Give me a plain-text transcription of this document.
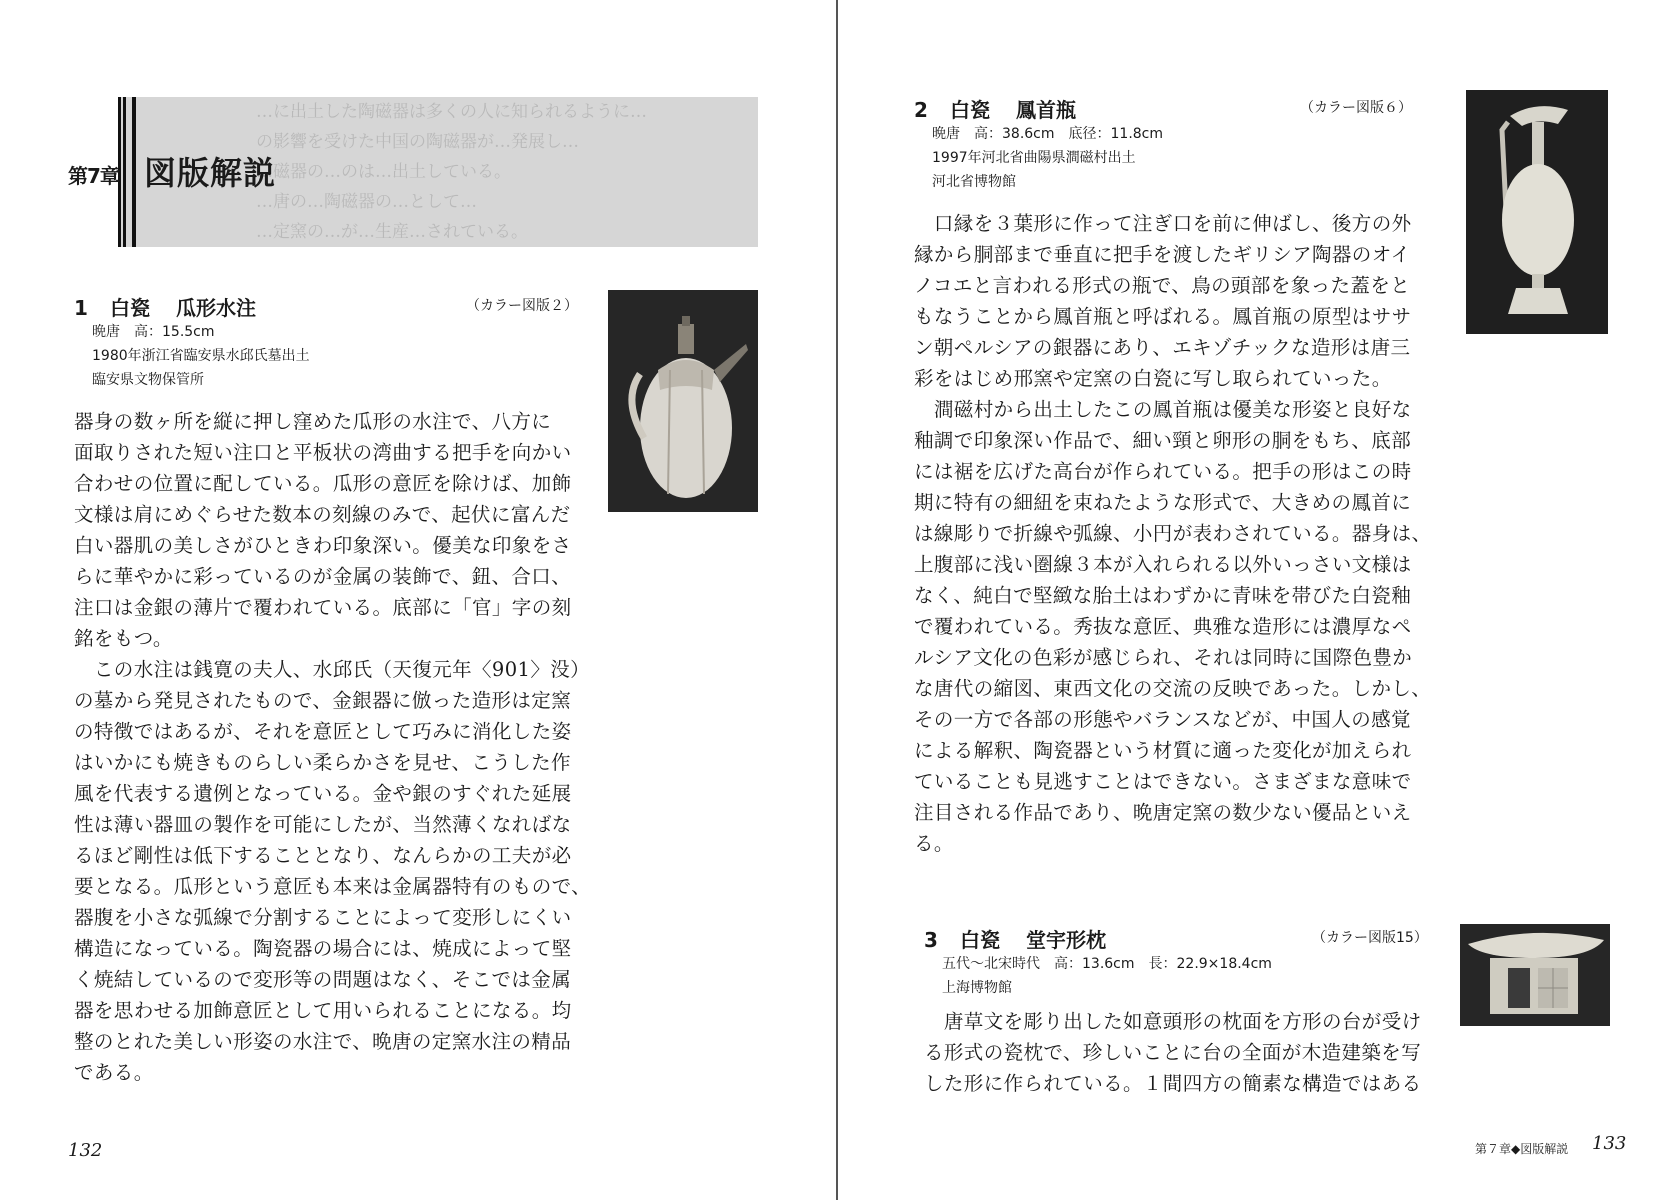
…に出土した陶磁器は多くの人に知られるように…
の影響を受けた中国の陶磁器が…発展し…
…磁器の…のは…出土している。
…唐の…陶磁器の…として…
…定窯の…が…生産…されている。
第7章 図版解説
1 白瓷 瓜形水注	（カラー図版２）
晩唐　高：15.5cm
1980年浙江省臨安県水邱氏墓出土
臨安県文物保管所
器身の数ヶ所を縦に押し窪めた瓜形の水注で、八方に
面取りされた短い注口と平板状の湾曲する把手を向かい
合わせの位置に配している。瓜形の意匠を除けば、加飾
文様は肩にめぐらせた数本の刻線のみで、起伏に富んだ
白い器肌の美しさがひときわ印象深い。優美な印象をさ
らに華やかに彩っているのが金属の装飾で、鈕、合口、
注口は金銀の薄片で覆われている。底部に「官」字の刻
銘をもつ。
　この水注は銭寛の夫人、水邱氏（天復元年〈901〉没）
の墓から発見されたもので、金銀器に倣った造形は定窯
の特徴ではあるが、それを意匠として巧みに消化した姿
はいかにも焼きものらしい柔らかさを見せ、こうした作
風を代表する遺例となっている。金や銀のすぐれた延展
性は薄い器皿の製作を可能にしたが、当然薄くなればな
るほど剛性は低下することとなり、なんらかの工夫が必
要となる。瓜形という意匠も本来は金属器特有のもので、
器腹を小さな弧線で分割することによって変形しにくい
構造になっている。陶瓷器の場合には、焼成によって堅
く焼結しているので変形等の問題はなく、そこでは金属
器を思わせる加飾意匠として用いられることになる。均
整のとれた美しい形姿の水注で、晩唐の定窯水注の精品
である。
132
2 白瓷 鳳首瓶	（カラー図版６）
晩唐　高：38.6cm　底径：11.8cm
1997年河北省曲陽県澗磁村出土
河北省博物館
　口縁を３葉形に作って注ぎ口を前に伸ばし、後方の外
縁から胴部まで垂直に把手を渡したギリシア陶器のオイ
ノコエと言われる形式の瓶で、鳥の頭部を象った蓋をと
もなうことから鳳首瓶と呼ばれる。鳳首瓶の原型はササ
ン朝ペルシアの銀器にあり、エキゾチックな造形は唐三
彩をはじめ邢窯や定窯の白瓷に写し取られていった。
　澗磁村から出土したこの鳳首瓶は優美な形姿と良好な
釉調で印象深い作品で、細い頸と卵形の胴をもち、底部
には裾を広げた高台が作られている。把手の形はこの時
期に特有の細紐を束ねたような形式で、大きめの鳳首に
は線彫りで折線や弧線、小円が表わされている。器身は、
上腹部に浅い圏線３本が入れられる以外いっさい文様は
なく、純白で堅緻な胎土はわずかに青味を帯びた白瓷釉
で覆われている。秀抜な意匠、典雅な造形には濃厚なペ
ルシア文化の色彩が感じられ、それは同時に国際色豊か
な唐代の縮図、東西文化の交流の反映であった。しかし、
その一方で各部の形態やバランスなどが、中国人の感覚
による解釈、陶瓷器という材質に適った変化が加えられ
ていることも見逃すことはできない。さまざまな意味で
注目される作品であり、晩唐定窯の数少ない優品といえ
る。
3 白瓷 堂宇形枕	（カラー図版15）
五代〜北宋時代　高：13.6cm　長：22.9×18.4cm
上海博物館
　唐草文を彫り出した如意頭形の枕面を方形の台が受け
る形式の瓷枕で、珍しいことに台の全面が木造建築を写
した形に作られている。１間四方の簡素な構造ではある
第７章◆図版解説 133
